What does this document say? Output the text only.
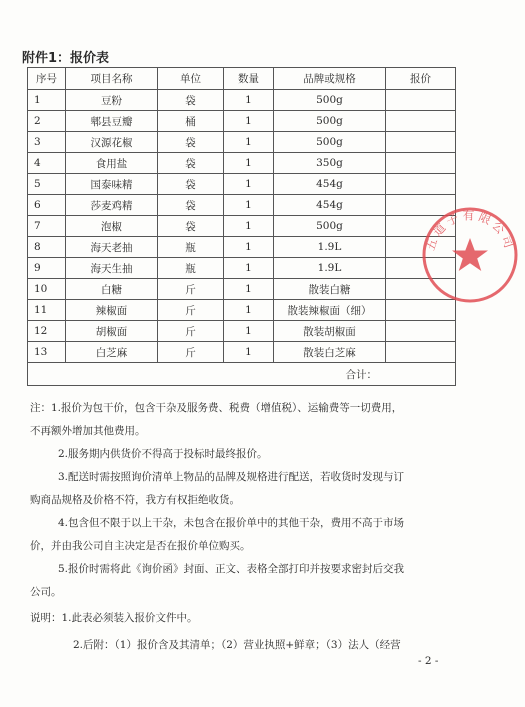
附件1：报价表
序号	项目名称	单位	数量	品牌或规格	报价
1	豆粉	袋	1	500g	
2	郫县豆瓣	桶	1	500g	
3	汉源花椒	袋	1	500g	
4	食用盐	袋	1	350g	
5	国泰味精	袋	1	454g	
6	莎麦鸡精	袋	1	454g	
7	泡椒	袋	1	500g	
8	海天老抽	瓶	1	1.9L	
9	海天生抽	瓶	1	1.9L	
10	白糖	斤	1	散装白糖	
11	辣椒面	斤	1	散装辣椒面（细）	
12	胡椒面	斤	1	散装胡椒面	
13	白芝麻	斤	1	散装白芝麻	
合计：					

注：1.报价为包干价，包含干杂及服务费、税费（增值税）、运输费等一切费用，

不再额外增加其他费用。

2.服务期内供货价不得高于投标时最终报价。

3.配送时需按照询价清单上物品的品牌及规格进行配送，若收货时发现与订

购商品规格及价格不符，我方有权拒绝收货。

4.包含但不限于以上干杂，未包含在报价单中的其他干杂，费用不高于市场

价，并由我公司自主决定是否在报价单位购买。

5.报价时需将此《询价函》封面、正文、表格全部打印并按要求密封后交我

公司。

说明：1.此表必须装入报价文件中。

2.后附：（1）报价含及其清单；（2）营业执照+鲜章；（3）法人（经营

- 2 -
五道子有限公司
